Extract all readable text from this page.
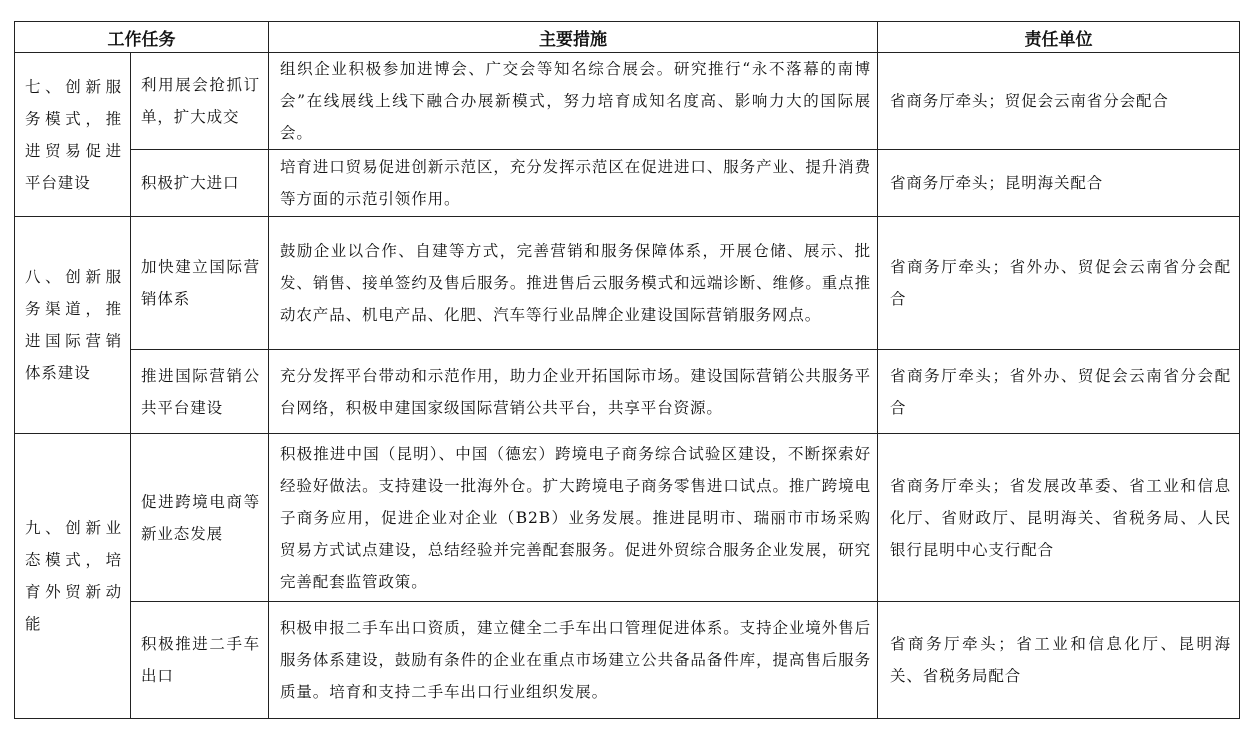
工作任务		主要措施	责任单位
七、创新服务模式，推进贸易促进平台建设	利用展会抢抓订单，扩大成交	组织企业积极参加进博会、广交会等知名综合展会。研究推行“永不落幕的南博会”在线展线上线下融合办展新模式，努力培育成知名度高、影响力大的国际展会。	省商务厅牵头；贸促会云南省分会配合
	积极扩大进口	培育进口贸易促进创新示范区，充分发挥示范区在促进进口、服务产业、提升消费等方面的示范引领作用。	省商务厅牵头；昆明海关配合
八、创新服务渠道，推进国际营销体系建设	加快建立国际营销体系	鼓励企业以合作、自建等方式，完善营销和服务保障体系，开展仓储、展示、批发、销售、接单签约及售后服务。推进售后云服务模式和远端诊断、维修。重点推动农产品、机电产品、化肥、汽车等行业品牌企业建设国际营销服务网点。	省商务厅牵头；省外办、贸促会云南省分会配合
	推进国际营销公共平台建设	充分发挥平台带动和示范作用，助力企业开拓国际市场。建设国际营销公共服务平台网络，积极申建国家级国际营销公共平台，共享平台资源。	省商务厅牵头；省外办、贸促会云南省分会配合
九、创新业态模式，培育外贸新动能	促进跨境电商等新业态发展	积极推进中国（昆明）、中国（德宏）跨境电子商务综合试验区建设，不断探索好经验好做法。支持建设一批海外仓。扩大跨境电子商务零售进口试点。推广跨境电子商务应用，促进企业对企业（B2B）业务发展。推进昆明市、瑞丽市市场采购贸易方式试点建设，总结经验并完善配套服务。促进外贸综合服务企业发展，研究完善配套监管政策。	省商务厅牵头；省发展改革委、省工业和信息化厅、省财政厅、昆明海关、省税务局、人民银行昆明中心支行配合
	积极推进二手车出口	积极申报二手车出口资质，建立健全二手车出口管理促进体系。支持企业境外售后服务体系建设，鼓励有条件的企业在重点市场建立公共备品备件库，提高售后服务质量。培育和支持二手车出口行业组织发展。	省商务厅牵头；省工业和信息化厅、昆明海关、省税务局配合
